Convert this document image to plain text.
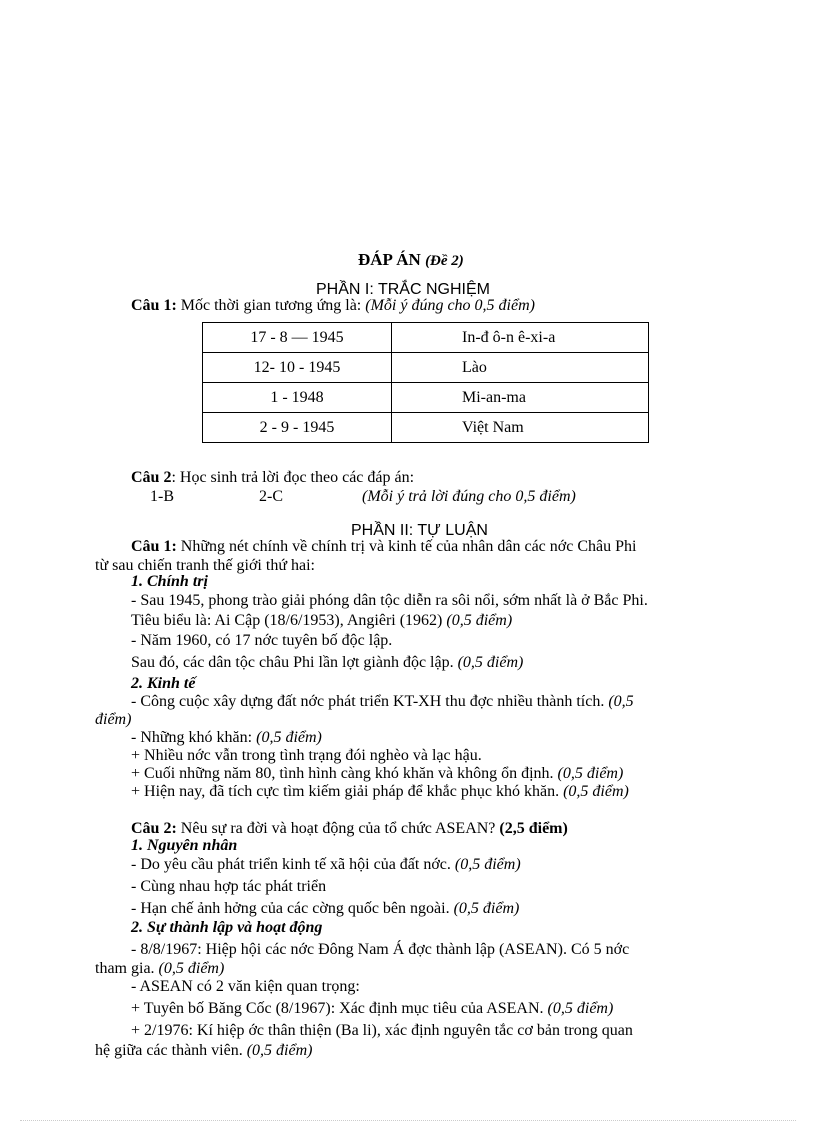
ĐÁP ÁN (Đề 2)
PHẦN I: TRẮC NGHIỆM
Câu 1: Mốc thời gian tương ứng là: (Mỗi ý đúng cho 0,5 điểm)
17 - 8 — 1945	In-đ ô-n ê-xi-a
12- 10 - 1945	Lào
1 - 1948	Mi-an-ma
2 - 9 - 1945	Việt Nam
Câu 2: Học sinh trả lời đọc theo các đáp án:
1-B	2-C	(Mỗi ý trả lời đúng cho 0,5 điểm)
PHẦN II: TỰ LUẬN
Câu 1: Những nét chính về chính trị và kinh tế của nhân dân các nớc Châu Phi
từ sau chiến tranh thế giới thứ hai:
1. Chính trị
- Sau 1945, phong trào giải phóng dân tộc diễn ra sôi nổi, sớm nhất là ở Bắc Phi.
Tiêu biểu là: Ai Cập (18/6/1953), Angiêri (1962) (0,5 điểm)
- Năm 1960, có 17 nớc tuyên bố độc lập.
Sau đó, các dân tộc châu Phi lần lợt giành độc lập. (0,5 điểm)
2. Kinh tế
- Công cuộc xây dựng đất nớc phát triển KT-XH thu đợc nhiều thành tích. (0,5
điểm)
- Những khó khăn: (0,5 điểm)
+ Nhiều nớc vẫn trong tình trạng đói nghèo và lạc hậu.
+ Cuối những năm 80, tình hình càng khó khăn và không ổn định. (0,5 điểm)
+ Hiện nay, đã tích cực tìm kiếm giải pháp để khắc phục khó khăn. (0,5 điểm)
Câu 2: Nêu sự ra đời và hoạt động của tổ chức ASEAN? (2,5 điểm)
1. Nguyên nhân
- Do yêu cầu phát triển kinh tế xã hội của đất nớc. (0,5 điểm)
- Cùng nhau hợp tác phát triển
- Hạn chế ảnh hởng của các cờng quốc bên ngoài. (0,5 điểm)
2. Sự thành lập và hoạt động
- 8/8/1967: Hiệp hội các nớc Đông Nam Á đợc thành lập (ASEAN). Có 5 nớc
tham gia. (0,5 điểm)
- ASEAN có 2 văn kiện quan trọng:
+ Tuyên bố Băng Cốc (8/1967): Xác định mục tiêu của ASEAN. (0,5 điểm)
+ 2/1976: Kí hiệp ớc thân thiện (Ba li), xác định nguyên tắc cơ bản trong quan
hệ giữa các thành viên. (0,5 điểm)
